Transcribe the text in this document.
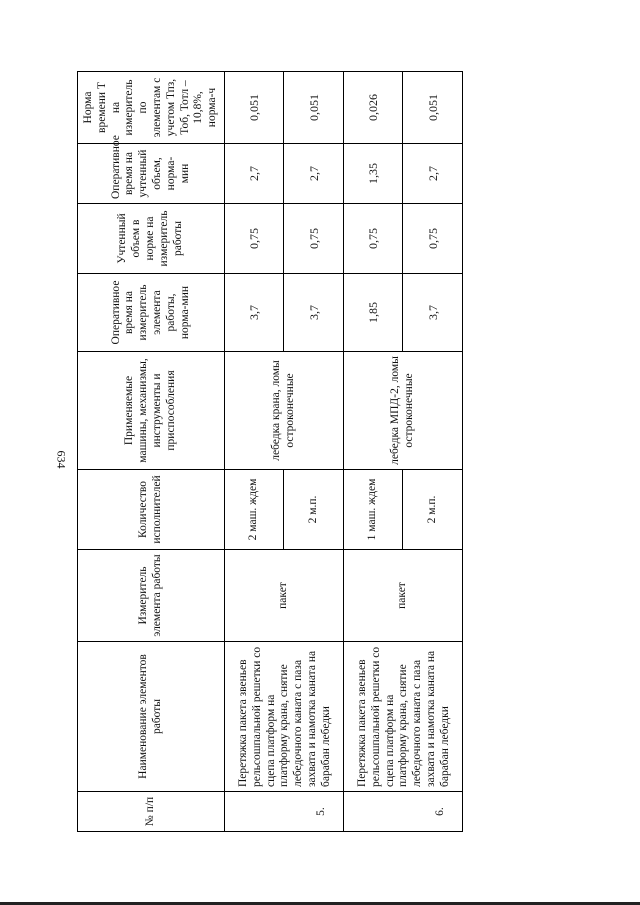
634
№ п/п	Наименование элементов работы	Измеритель элемента работы	Количество исполнителей	Применяемые машины, механизмы, инструменты и приспособления	Оперативное время на измеритель элемента работы, норма-мин	Учтенный объем в норме на измеритель работы	Оперативное время на учтенный объем, норма-мин	Норма времени Т на измеритель по элементам с учетом Тпз, Тоб, Тотл – 10,8%, норма-ч
5.	Перетяжка пакета звеньев рельсошпальной решетки со сцепа платформ на платформу крана, снятие лебедочного каната с паза захвата и намотка каната на барабан лебедки	пакет	2 маш. ждем	лебедка крана, ломы остроконечные	3,7	0,75	2,7	0,051
			2 м.п.		3,7	0,75	2,7	0,051
6.	Перетяжка пакета звеньев рельсошпальной решетки со сцепа платформ на платформу крана, снятие лебедочного каната с паза захвата и намотка каната на барабан лебедки	пакет	1 маш. ждем	лебедка МПД-2, ломы остроконечные	1,85	0,75	1,35	0,026
			2 м.п.		3,7	0,75	2,7	0,051
